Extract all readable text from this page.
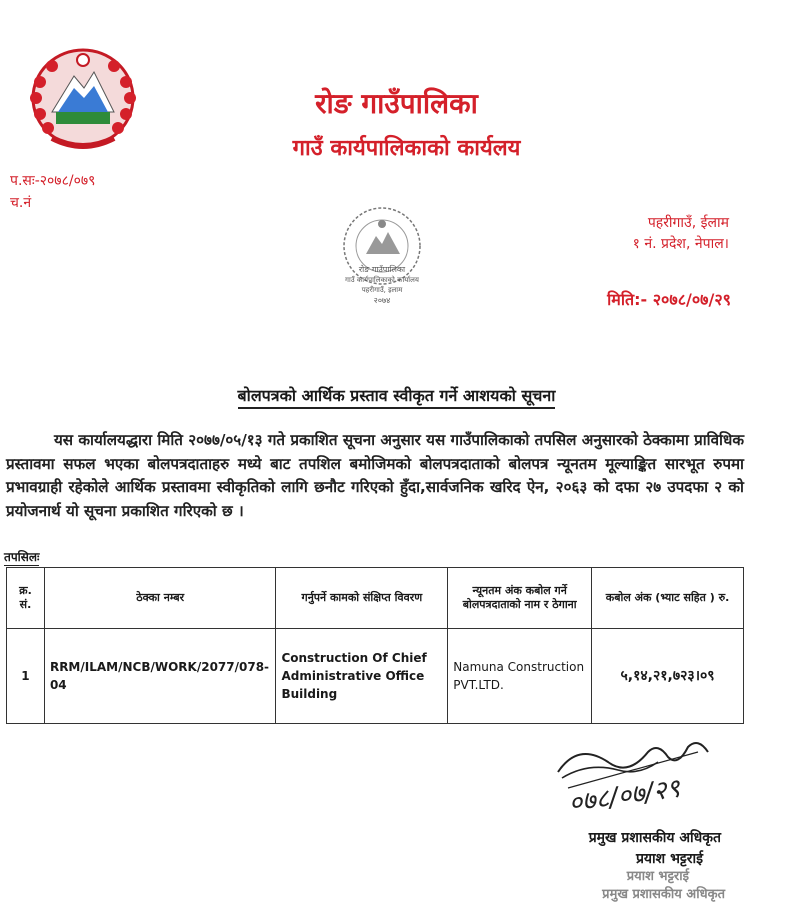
रोङ गाउँपालिका
गाउँ कार्यपालिकाको कार्यलय
प.सः-२०७८/०७९
च.नं
पहरीगाउँ, ईलाम
१ नं. प्रदेश, नेपाल।
रोङ गाउँपालिका
गाउँ कार्यपालिकाको कार्यालय
पहरीगाउँ, इलाम
२०७४	मिति:- २०७८/०७/२९
बोलपत्रको आर्थिक प्रस्ताव स्वीकृत गर्ने आशयको सूचना
यस कार्यालयद्धारा मिति २०७७/०५/१३ गते प्रकाशित सूचना अनुसार यस गाउँपालिकाको तपसिल अनुसारको ठेक्कामा प्राविधिक प्रस्तावमा सफल भएका बोलपत्रदाताहरु मध्ये बाट तपशिल बमोजिमको बोलपत्रदाताको बोलपत्र न्यूनतम मूल्याङ्कित सारभूत रुपमा प्रभावग्राही रहेकोले आर्थिक प्रस्तावमा स्वीकृतिको लागि छनौट गरिएको हुँदा,सार्वजनिक खरिद ऐन, २०६३ को दफा २७ उपदफा २ को प्रयोजनार्थ यो सूचना प्रकाशित गरिएको छ ।
तपसिलः
क्र. सं.	ठेक्का नम्बर	गर्नुपर्ने कामको संक्षिप्त विवरण	न्यूनतम अंक कबोल गर्ने बोलपत्रदाताको नाम र ठेगाना	कबोल अंक (भ्याट सहित ) रु.
1	RRM/ILAM/NCB/WORK/2077/078-04	Construction Of Chief Administrative Office Building	Namuna Construction PVT.LTD.	५,१४,२१,७२३।०९
०७८/०७/२९
प्रमुख प्रशासकीय अधिकृत
प्रयाश भट्टराई
प्रयाश भट्टराई
प्रमुख प्रशासकीय अधिकृत
